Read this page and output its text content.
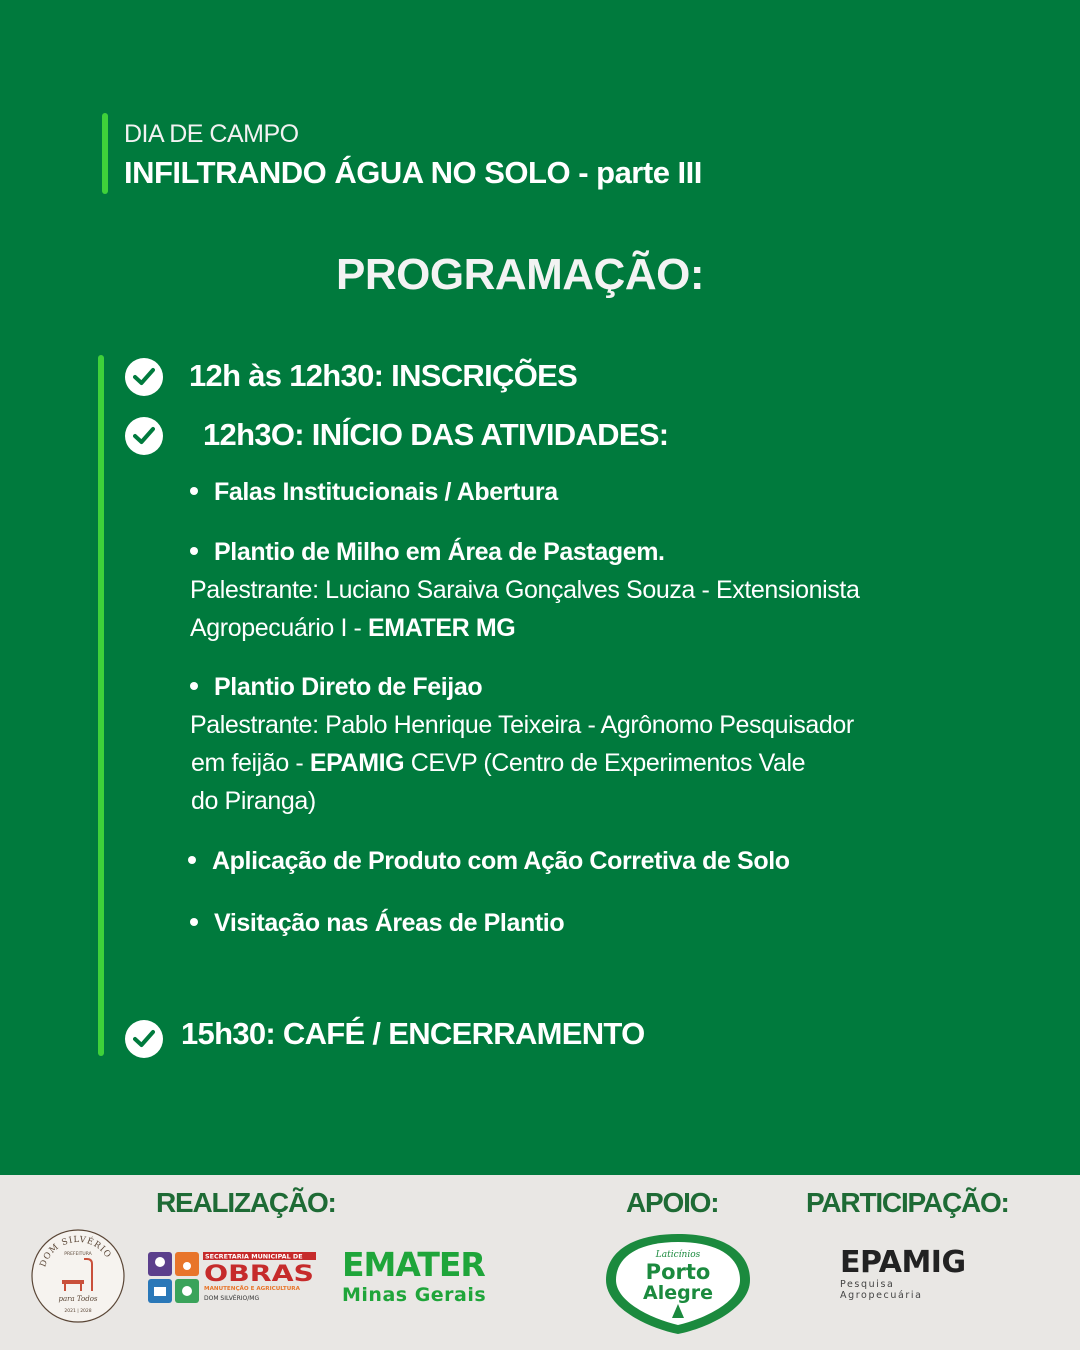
DIA DE CAMPO
INFILTRANDO ÁGUA NO SOLO - parte III
PROGRAMAÇÃO:
12h às 12h30: INSCRIÇÕES
12h3O: INÍCIO DAS ATIVIDADES:
Falas Institucionais / Abertura
Plantio de Milho em Área de Pastagem.
Palestrante: Luciano Saraiva Gonçalves Souza - Extensionista
Agropecuário I - EMATER MG
Plantio Direto de Feijao
Palestrante: Pablo Henrique Teixeira - Agrônomo Pesquisador
em feijão - EPAMIG CEVP (Centro de Experimentos Vale
do Piranga)
Aplicação de Produto com Ação Corretiva de Solo
Visitação nas Áreas de Plantio
15h30: CAFÉ / ENCERRAMENTO
REALIZAÇÃO:	APOIO:	PARTICIPAÇÃO:
DOM SILVÉRIO
PREFEITURA
para Todos
2021 | 2028
SECRETARIA MUNICIPAL DE
OBRAS
MANUTENÇÃO E AGRICULTURA
DOM SILVÉRIO/MG
EMATER
Minas Gerais
Laticínios
Porto
Alegre
EPAMIG
Pesquisa Agropecuária
